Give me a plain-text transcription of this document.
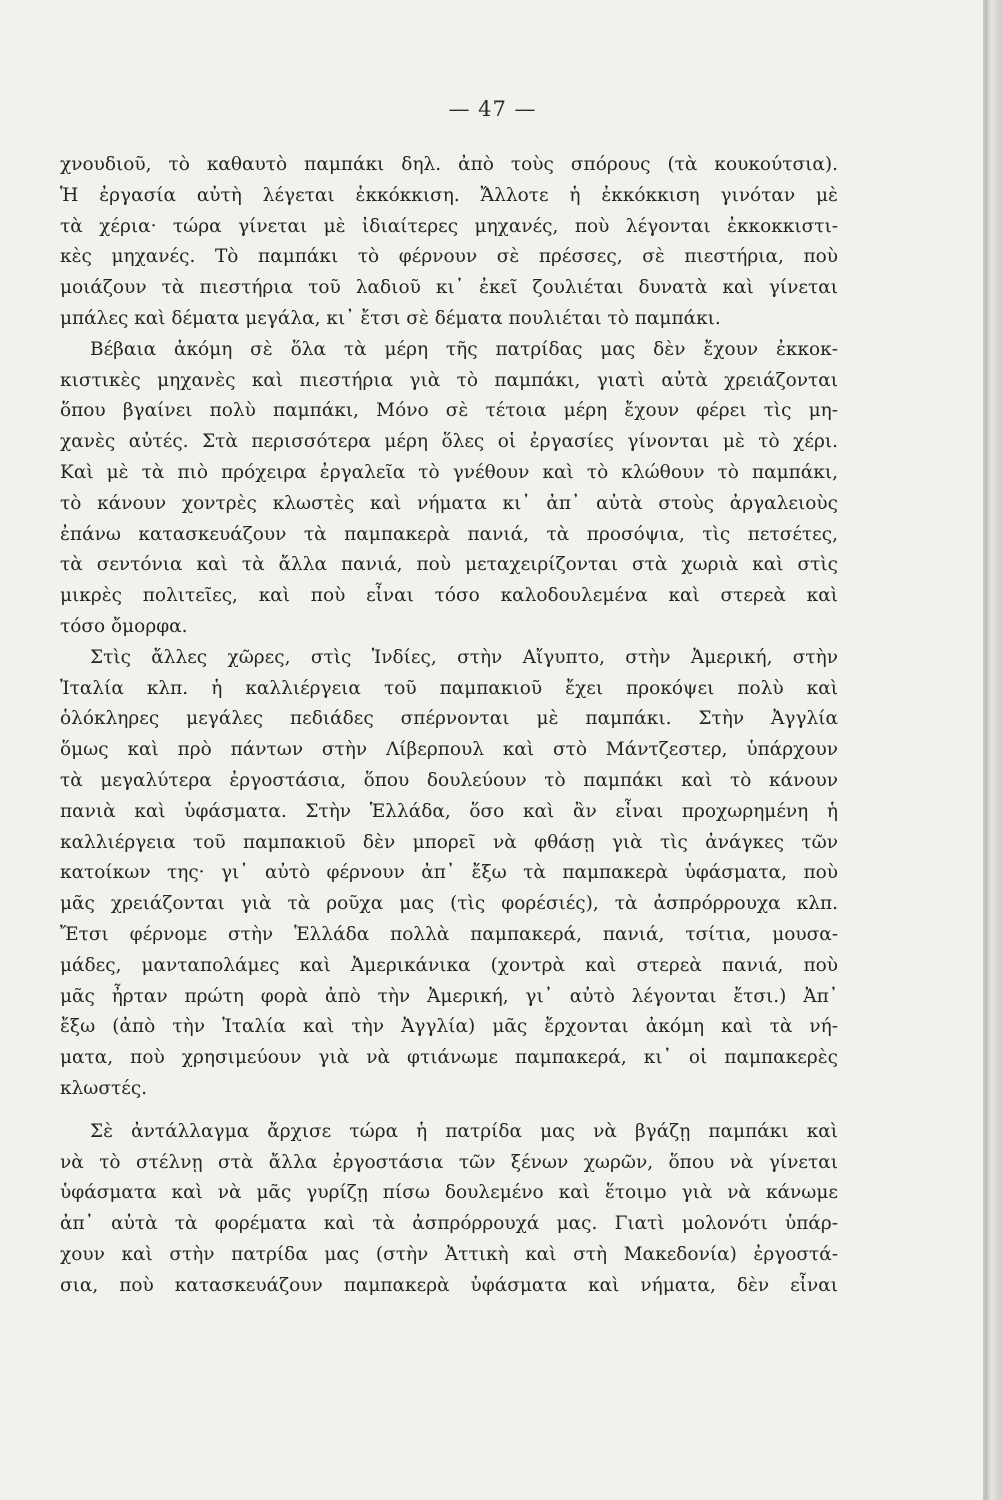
— 47 —
χνουδιοῦ, τὸ καθαυτὸ παμπάκι δηλ. ἀπὸ τοὺς σπόρους (τὰ κουκούτσια).
Ἡ ἐργασία αὐτὴ λέγεται ἐκκόκκιση. Ἄλλοτε ἡ ἐκκόκκιση γινόταν μὲ
τὰ χέρια· τώρα γίνεται μὲ ἰδιαίτερες μηχανές, ποὺ λέγονται ἐκκοκκιστι-
κὲς μηχανές. Τὸ παμπάκι τὸ φέρνουν σὲ πρέσσες, σὲ πιεστήρια, ποὺ
μοιάζουν τὰ πιεστήρια τοῦ λαδιοῦ κι᾿ ἐκεῖ ζουλιέται δυνατὰ καὶ γίνεται
μπάλες καὶ δέματα μεγάλα, κι᾿ ἔτσι σὲ δέματα πουλιέται τὸ παμπάκι.
Βέβαια ἀκόμη σὲ ὅλα τὰ μέρη τῆς πατρίδας μας δὲν ἔχουν ἐκκοκ-
κιστικὲς μηχανὲς καὶ πιεστήρια γιὰ τὸ παμπάκι, γιατὶ αὐτὰ χρειάζονται
ὅπου βγαίνει πολὺ παμπάκι, Μόνο σὲ τέτοια μέρη ἔχουν φέρει τὶς μη-
χανὲς αὐτές. Στὰ περισσότερα μέρη ὅλες οἱ ἐργασίες γίνονται μὲ τὸ χέρι.
Καὶ μὲ τὰ πιὸ πρόχειρα ἐργαλεῖα τὸ γνέθουν καὶ τὸ κλώθουν τὸ παμπάκι,
τὸ κάνουν χοντρὲς κλωστὲς καὶ νήματα κι᾿ ἀπ᾿ αὐτὰ στοὺς ἀργαλειοὺς
ἐπάνω κατασκευάζουν τὰ παμπακερὰ πανιά, τὰ προσόψια, τὶς πετσέτες,
τὰ σεντόνια καὶ τὰ ἄλλα πανιά, ποὺ μεταχειρίζονται στὰ χωριὰ καὶ στὶς
μικρὲς πολιτεῖες, καὶ ποὺ εἶναι τόσο καλοδουλεμένα καὶ στερεὰ καὶ
τόσο ὄμορφα.
Στὶς ἄλλες χῶρες, στὶς Ἰνδίες, στὴν Αἴγυπτο, στὴν Ἀμερική, στὴν
Ἰταλία κλπ. ἡ καλλιέργεια τοῦ παμπακιοῦ ἔχει προκόψει πολὺ καὶ
ὁλόκληρες μεγάλες πεδιάδες σπέρνονται μὲ παμπάκι. Στὴν Ἀγγλία
ὅμως καὶ πρὸ πάντων στὴν Λίβερπουλ καὶ στὸ Μάντζεστερ, ὑπάρχουν
τὰ μεγαλύτερα ἐργοστάσια, ὅπου δουλεύουν τὸ παμπάκι καὶ τὸ κάνουν
πανιὰ καὶ ὑφάσματα. Στὴν Ἑλλάδα, ὅσο καὶ ἂν εἶναι προχωρημένη ἡ
καλλιέργεια τοῦ παμπακιοῦ δὲν μπορεῖ νὰ φθάσῃ γιὰ τὶς ἀνάγκες τῶν
κατοίκων της· γι᾿ αὐτὸ φέρνουν ἀπ᾿ ἔξω τὰ παμπακερὰ ὑφάσματα, ποὺ
μᾶς χρειάζονται γιὰ τὰ ροῦχα μας (τὶς φορέσιές), τὰ ἀσπρόρρουχα κλπ.
Ἔτσι φέρνομε στὴν Ἑλλάδα πολλὰ παμπακερά, πανιά, τσίτια, μουσα-
μάδες, μανταπολάμες καὶ Ἀμερικάνικα (χοντρὰ καὶ στερεὰ πανιά, ποὺ
μᾶς ἦρταν πρώτη φορὰ ἀπὸ τὴν Ἀμερική, γι᾿ αὐτὸ λέγονται ἔτσι.) Ἀπ᾿
ἔξω (ἀπὸ τὴν Ἰταλία καὶ τὴν Ἀγγλία) μᾶς ἔρχονται ἀκόμη καὶ τὰ νή-
ματα, ποὺ χρησιμεύουν γιὰ νὰ φτιάνωμε παμπακερά, κι᾿ οἱ παμπακερὲς
κλωστές.
Σὲ ἀντάλλαγμα ἄρχισε τώρα ἡ πατρίδα μας νὰ βγάζῃ παμπάκι καὶ
νὰ τὸ στέλνῃ στὰ ἄλλα ἐργοστάσια τῶν ξένων χωρῶν, ὅπου νὰ γίνεται
ὑφάσματα καὶ νὰ μᾶς γυρίζῃ πίσω δουλεμένο καὶ ἕτοιμο γιὰ νὰ κάνωμε
ἀπ᾿ αὐτὰ τὰ φορέματα καὶ τὰ ἀσπρόρρουχά μας. Γιατὶ μολονότι ὑπάρ-
χουν καὶ στὴν πατρίδα μας (στὴν Ἀττικὴ καὶ στὴ Μακεδονία) ἐργοστά-
σια, ποὺ κατασκευάζουν παμπακερὰ ὑφάσματα καὶ νήματα, δὲν εἶναι
